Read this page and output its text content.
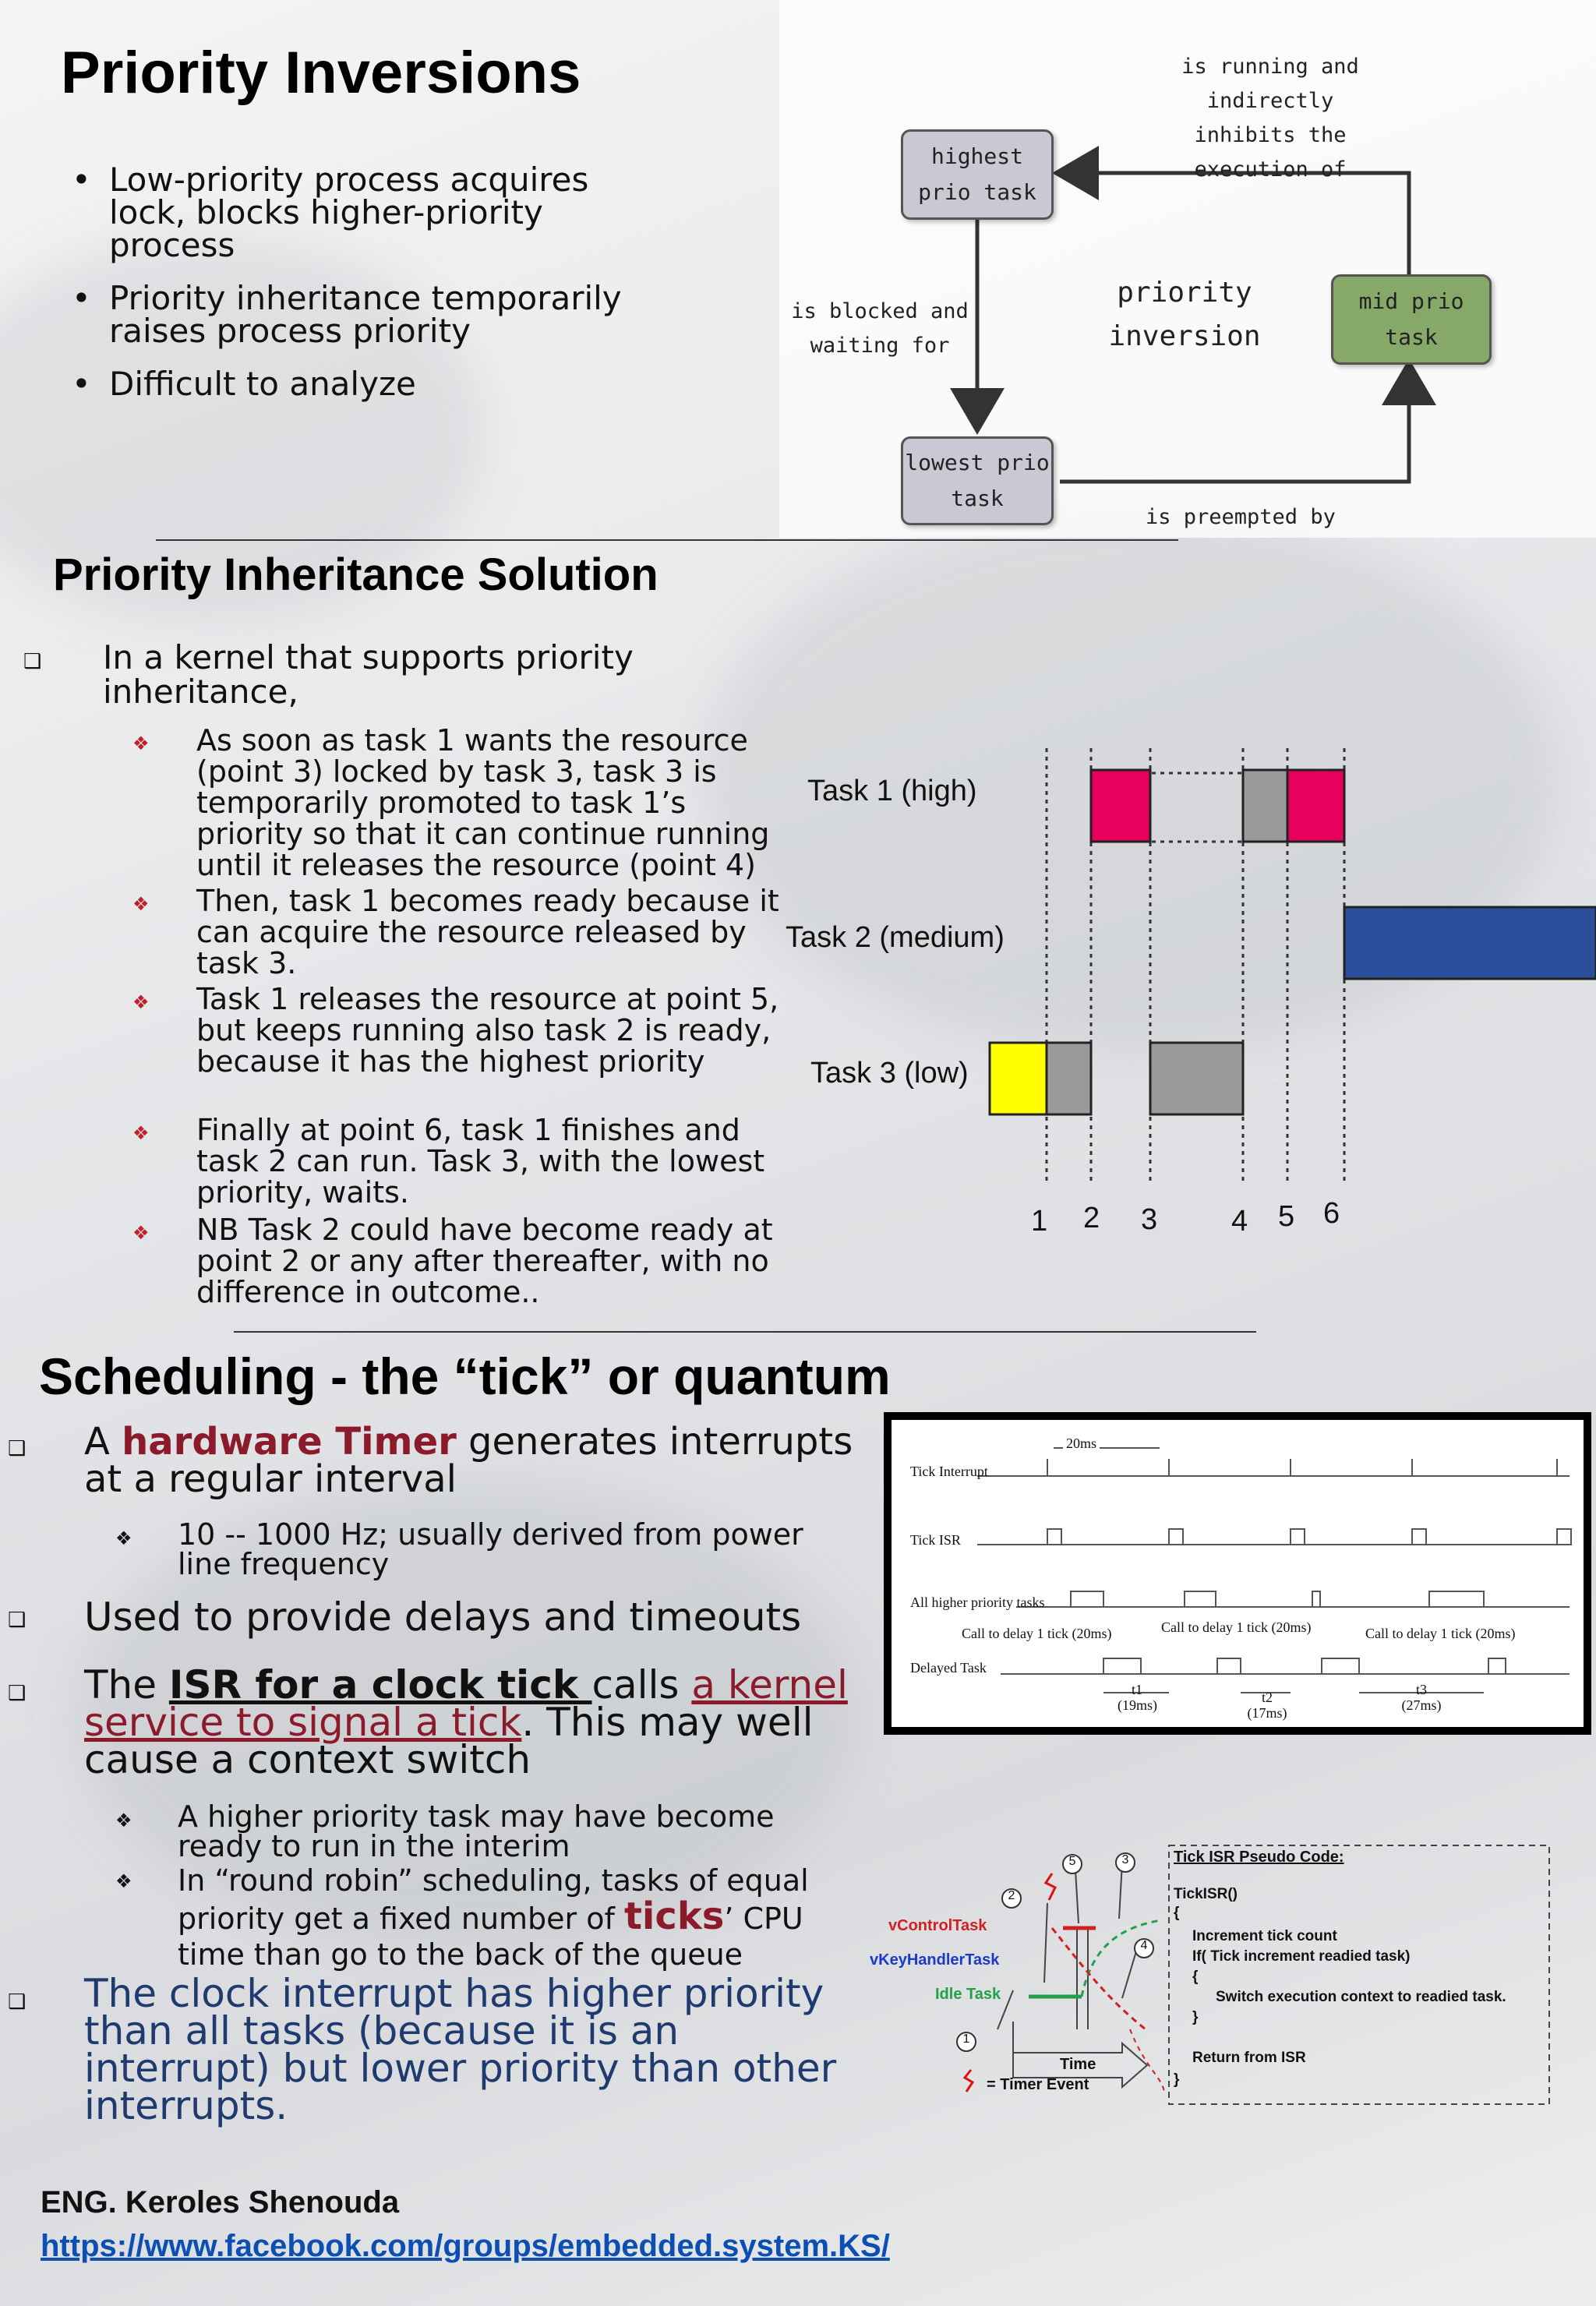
Priority Inversions
• Low-priority process acquires lock, blocks higher-priority process
• Priority inheritance temporarily raises process priority
• Difficult to analyze
highest prio task
mid prio task
lowest prio task
priority inversion
is running and indirectly inhibits the execution of
is blocked and waiting for
is preempted by
Priority Inheritance Solution
❑ In a kernel that supports priority inheritance,
❖ As soon as task 1 wants the resource (point 3) locked by task 3, task 3 is temporarily promoted to task 1’s priority so that it can continue running until it releases the resource (point 4)
❖ Then, task 1 becomes ready because it can acquire the resource released by task 3.
❖ Task 1 releases the resource at point 5, but keeps running also task 2 is ready, because it has the highest priority
❖ Finally at point 6, task 1 finishes and task 2 can run. Task 3, with the lowest priority, waits.
❖ NB Task 2 could have become ready at point 2 or any after thereafter, with no difference in outcome..
Task 1 (high)
Task 2 (medium)
Task 3 (low)
1 2 3 4 5 6
Scheduling - the “tick” or quantum
❑ A hardware Timer generates interrupts at a regular interval
❖ 10 -- 1000 Hz; usually derived from power line frequency
❑ Used to provide delays and timeouts
❑ The ISR for a clock tick calls a kernel service to signal a tick. This may well cause a context switch
❖ A higher priority task may have become ready to run in the interim
❖ In “round robin” scheduling, tasks of equal priority get a fixed number of ticks’ CPU time than go to the back of the queue
❑ The clock interrupt has higher priority than all tasks (because it is an interrupt) but lower priority than other interrupts.
20ms
Tick Interrupt
Tick ISR
All higher priority tasks
Delayed Task
Call to delay 1 tick (20ms)	Call to delay 1 tick (20ms)	Call to delay 1 tick (20ms)
t1
(19ms)	t2
(17ms)
t3
(27ms)
vControlTask
vKeyHandlerTask
Idle Task
Time
= Timer Event
1
2
3
4
5	Tick ISR Pseudo Code:
TickISR()
{
Increment tick count
If( Tick increment readied task)
{
Switch execution context to readied task.
}
Return from ISR
}
ENG. Keroles Shenouda
https://www.facebook.com/groups/embedded.system.KS/
